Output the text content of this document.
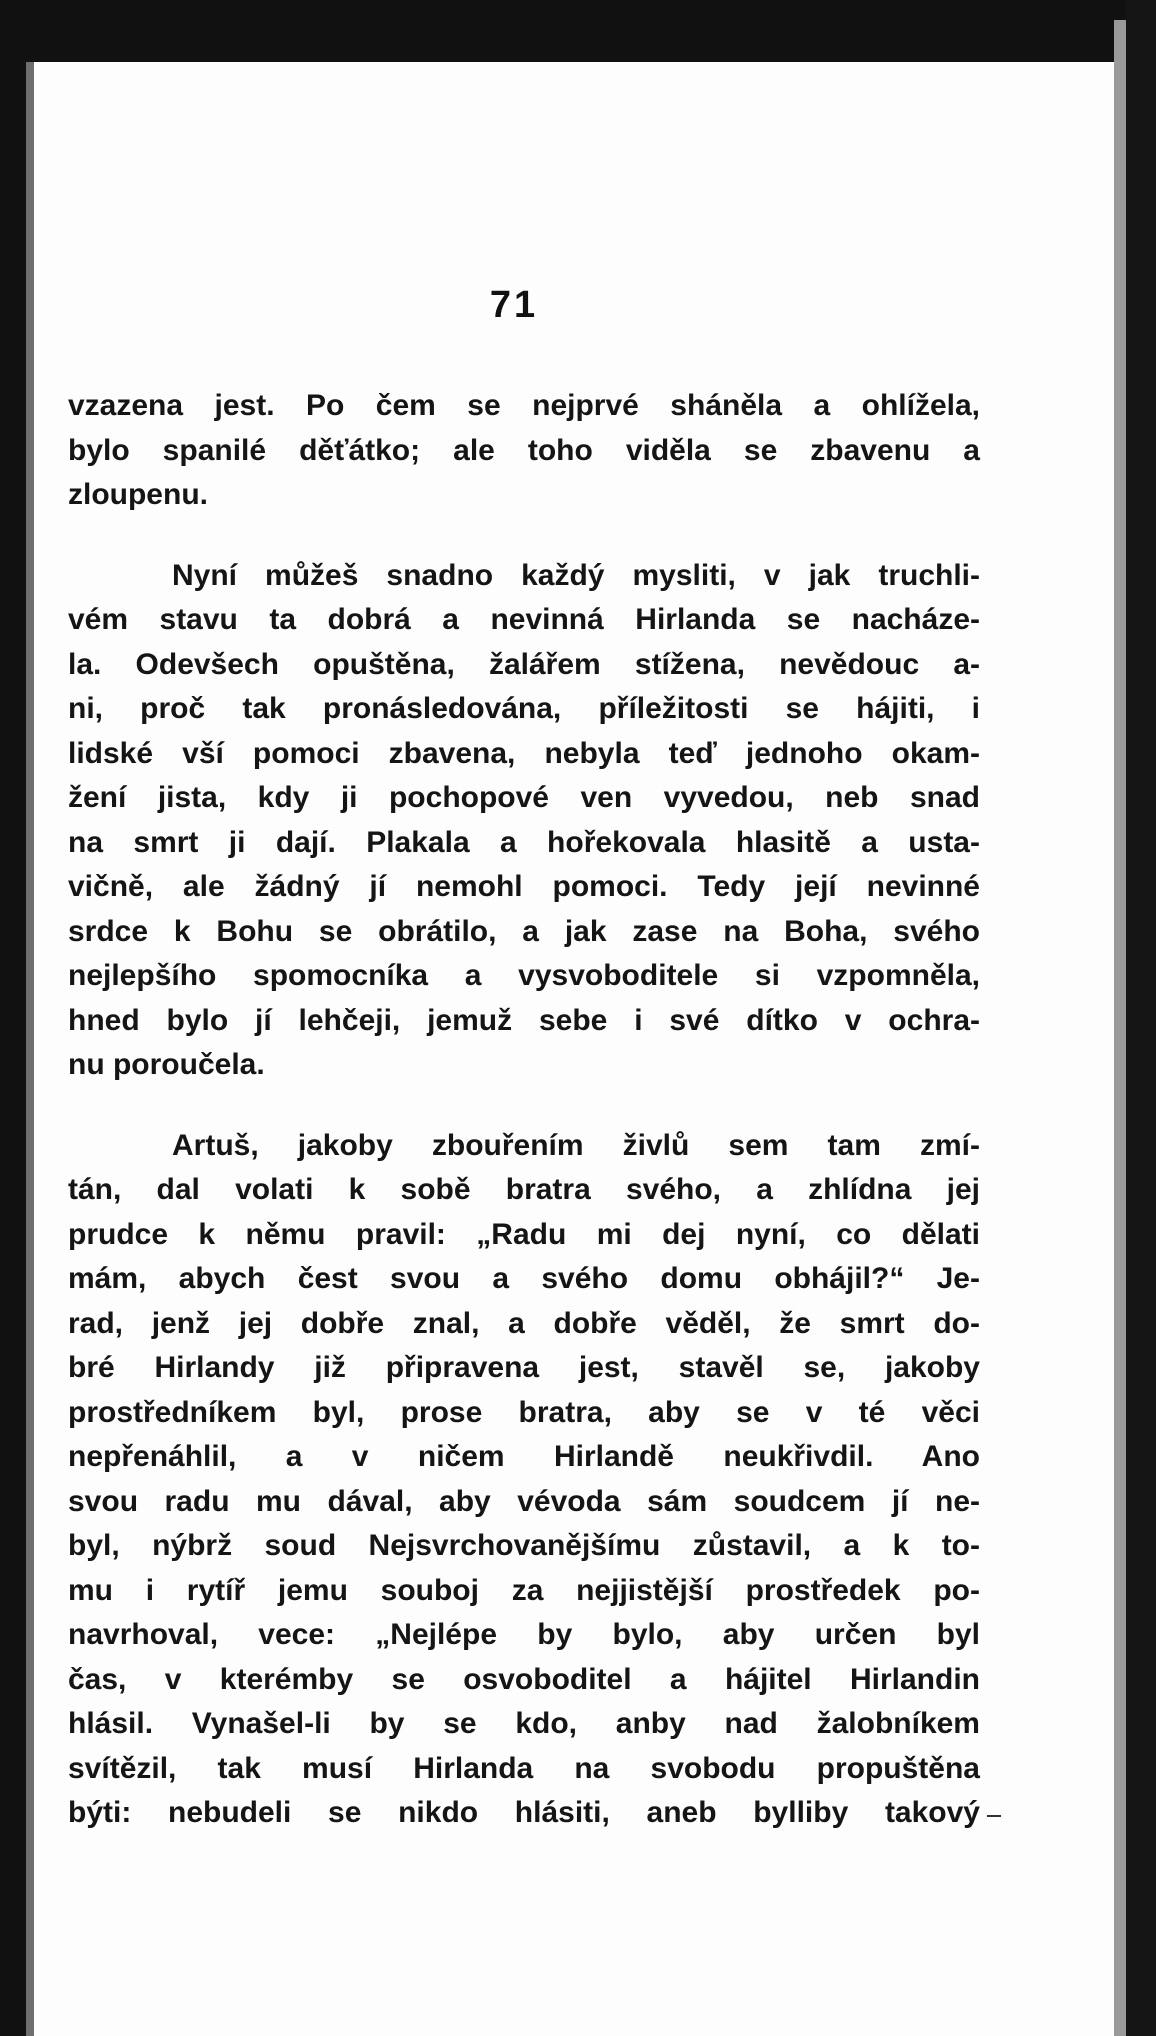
71
vzazena jest. Po čem se nejprvé sháněla a ohlížela,
bylo spanilé děťátko; ale toho viděla se zbavenu a
zloupenu.
Nyní můžeš snadno každý mysliti, v jak truchli-
vém stavu ta dobrá a nevinná Hirlanda se nacháze-
la. Odevšech opuštěna, žalářem stížena, nevědouc a-
ni, proč tak pronásledována, příležitosti se hájiti, i
lidské vší pomoci zbavena, nebyla teď jednoho okam-
žení jista, kdy ji pochopové ven vyvedou, neb snad
na smrt ji dají. Plakala a hořekovala hlasitě a usta-
vičně, ale žádný jí nemohl pomoci. Tedy její nevinné
srdce k Bohu se obrátilo, a jak zase na Boha, svého
nejlepšího spomocníka a vysvoboditele si vzpomněla,
hned bylo jí lehčeji, jemuž sebe i své dítko v ochra-
nu poroučela.
Artuš, jakoby zbouřením živlů sem tam zmí-
tán, dal volati k sobě bratra svého, a zhlídna jej
prudce k němu pravil: „Radu mi dej nyní, co dělati
mám, abych čest svou a svého domu obhájil?“ Je-
rad, jenž jej dobře znal, a dobře věděl, že smrt do-
bré Hirlandy již připravena jest, stavěl se, jakoby
prostředníkem byl, prose bratra, aby se v té věci
nepřenáhlil, a v ničem Hirlandě neukřivdil. Ano
svou radu mu dával, aby vévoda sám soudcem jí ne-
byl, nýbrž soud Nejsvrchovanějšímu zůstavil, a k to-
mu i rytíř jemu souboj za nejjistější prostředek po-
navrhoval, vece: „Nejlépe by bylo, aby určen byl
čas, v kterémby se osvoboditel a hájitel Hirlandin
hlásil. Vynašel-li by se kdo, anby nad žalobníkem
svítězil, tak musí Hirlanda na svobodu propuštěna
býti: nebudeli se nikdo hlásiti, aneb bylliby takový
